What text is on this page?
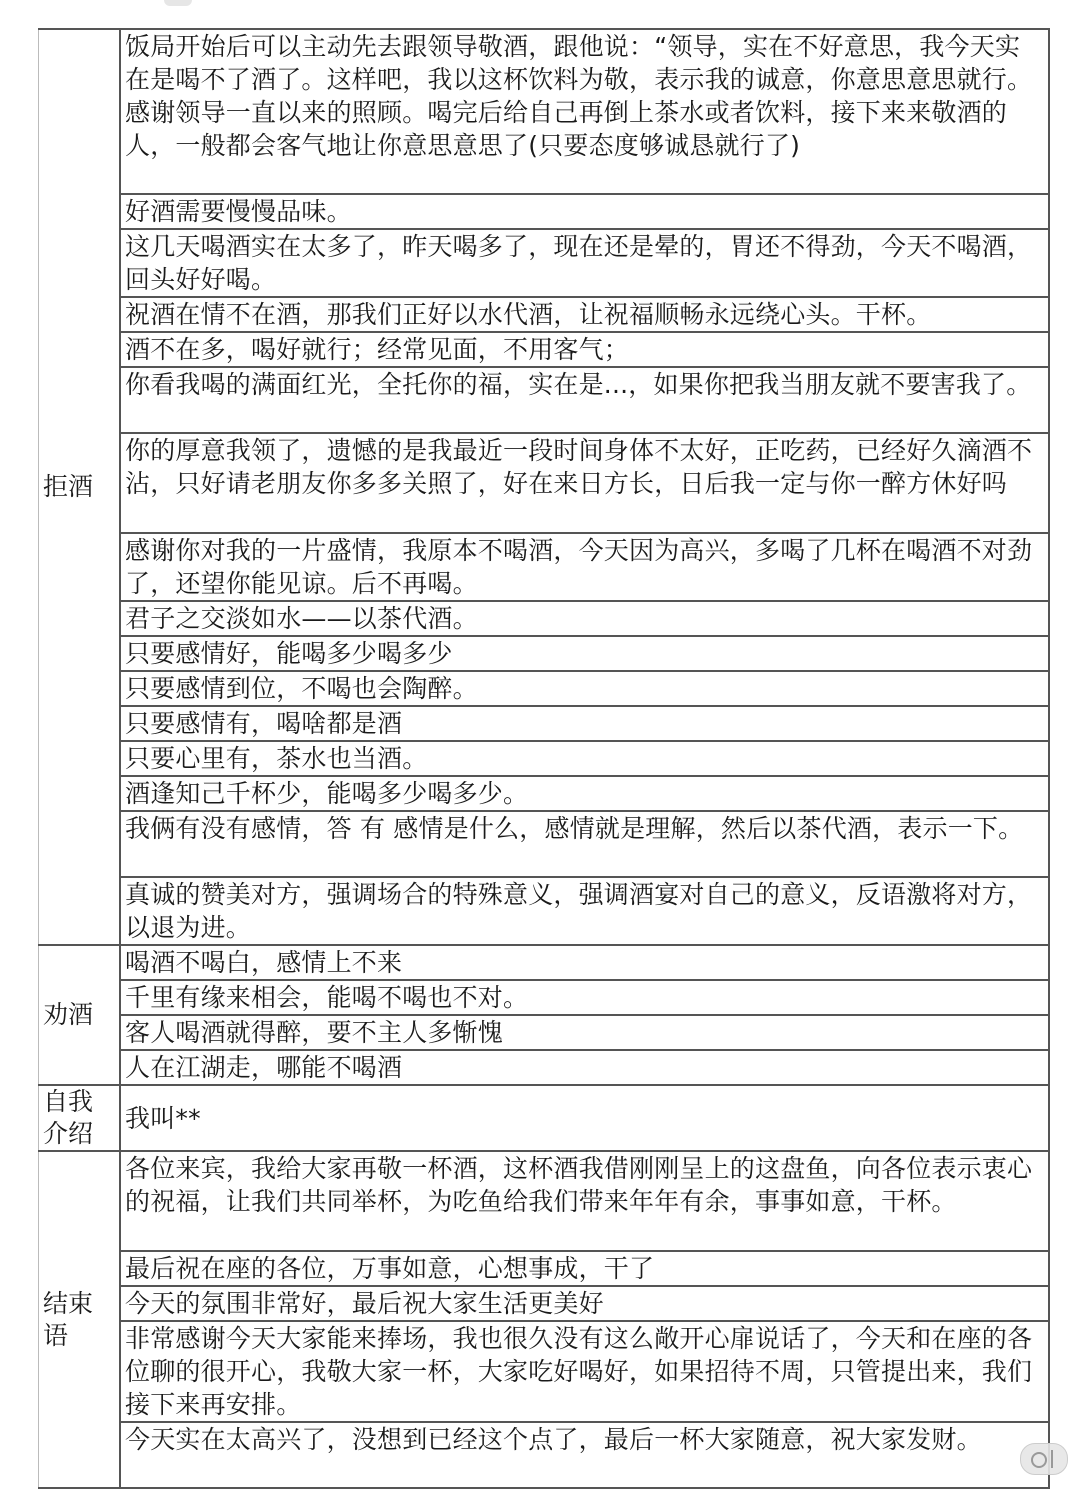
拒酒	饭局开始后可以主动先去跟领导敬酒，跟他说：“领导，实在不好意思，我今天实在是喝不了酒了。这样吧，我以这杯饮料为敬，表示我的诚意，你意思意思就行。感谢领导一直以来的照顾。喝完后给自己再倒上茶水或者饮料，接下来来敬酒的人，一般都会客气地让你意思意思了(只要态度够诚恳就行了)

	好酒需要慢慢品味。

	这几天喝酒实在太多了，昨天喝多了，现在还是晕的，胃还不得劲，今天不喝酒，回头好好喝。

	祝酒在情不在酒，那我们正好以水代酒，让祝福顺畅永远绕心头。干杯。

	酒不在多，喝好就行；经常见面，不用客气；

	你看我喝的满面红光，全托你的福，实在是...，如果你把我当朋友就不要害我了。

	你的厚意我领了，遗憾的是我最近一段时间身体不太好，正吃药，已经好久滴酒不沾，只好请老朋友你多多关照了，好在来日方长，日后我一定与你一醉方休好吗

	感谢你对我的一片盛情，我原本不喝酒，今天因为高兴，多喝了几杯在喝酒不对劲了，还望你能见谅。后不再喝。

	君子之交淡如水——以茶代酒。

	只要感情好，能喝多少喝多少

	只要感情到位，不喝也会陶醉。

	只要感情有，喝啥都是酒

	只要心里有，茶水也当酒。

	酒逢知己千杯少，能喝多少喝多少。

	我俩有没有感情，答 有 感情是什么，感情就是理解，然后以茶代酒，表示一下。

	真诚的赞美对方，强调场合的特殊意义，强调酒宴对自己的意义，反语激将对方，以退为进。

劝酒	喝酒不喝白，感情上不来

	千里有缘来相会，能喝不喝也不对。

	客人喝酒就得醉，要不主人多惭愧

	人在江湖走，哪能不喝酒

自我介绍	我叫**

结束语	各位来宾，我给大家再敬一杯酒，这杯酒我借刚刚呈上的这盘鱼，向各位表示衷心的祝福，让我们共同举杯，为吃鱼给我们带来年年有余，事事如意，干杯。

	最后祝在座的各位，万事如意，心想事成，干了

	今天的氛围非常好，最后祝大家生活更美好

	非常感谢今天大家能来捧场，我也很久没有这么敞开心扉说话了，今天和在座的各位聊的很开心，我敬大家一杯，大家吃好喝好，如果招待不周，只管提出来，我们接下来再安排。

	今天实在太高兴了，没想到已经这个点了，最后一杯大家随意，祝大家发财。
